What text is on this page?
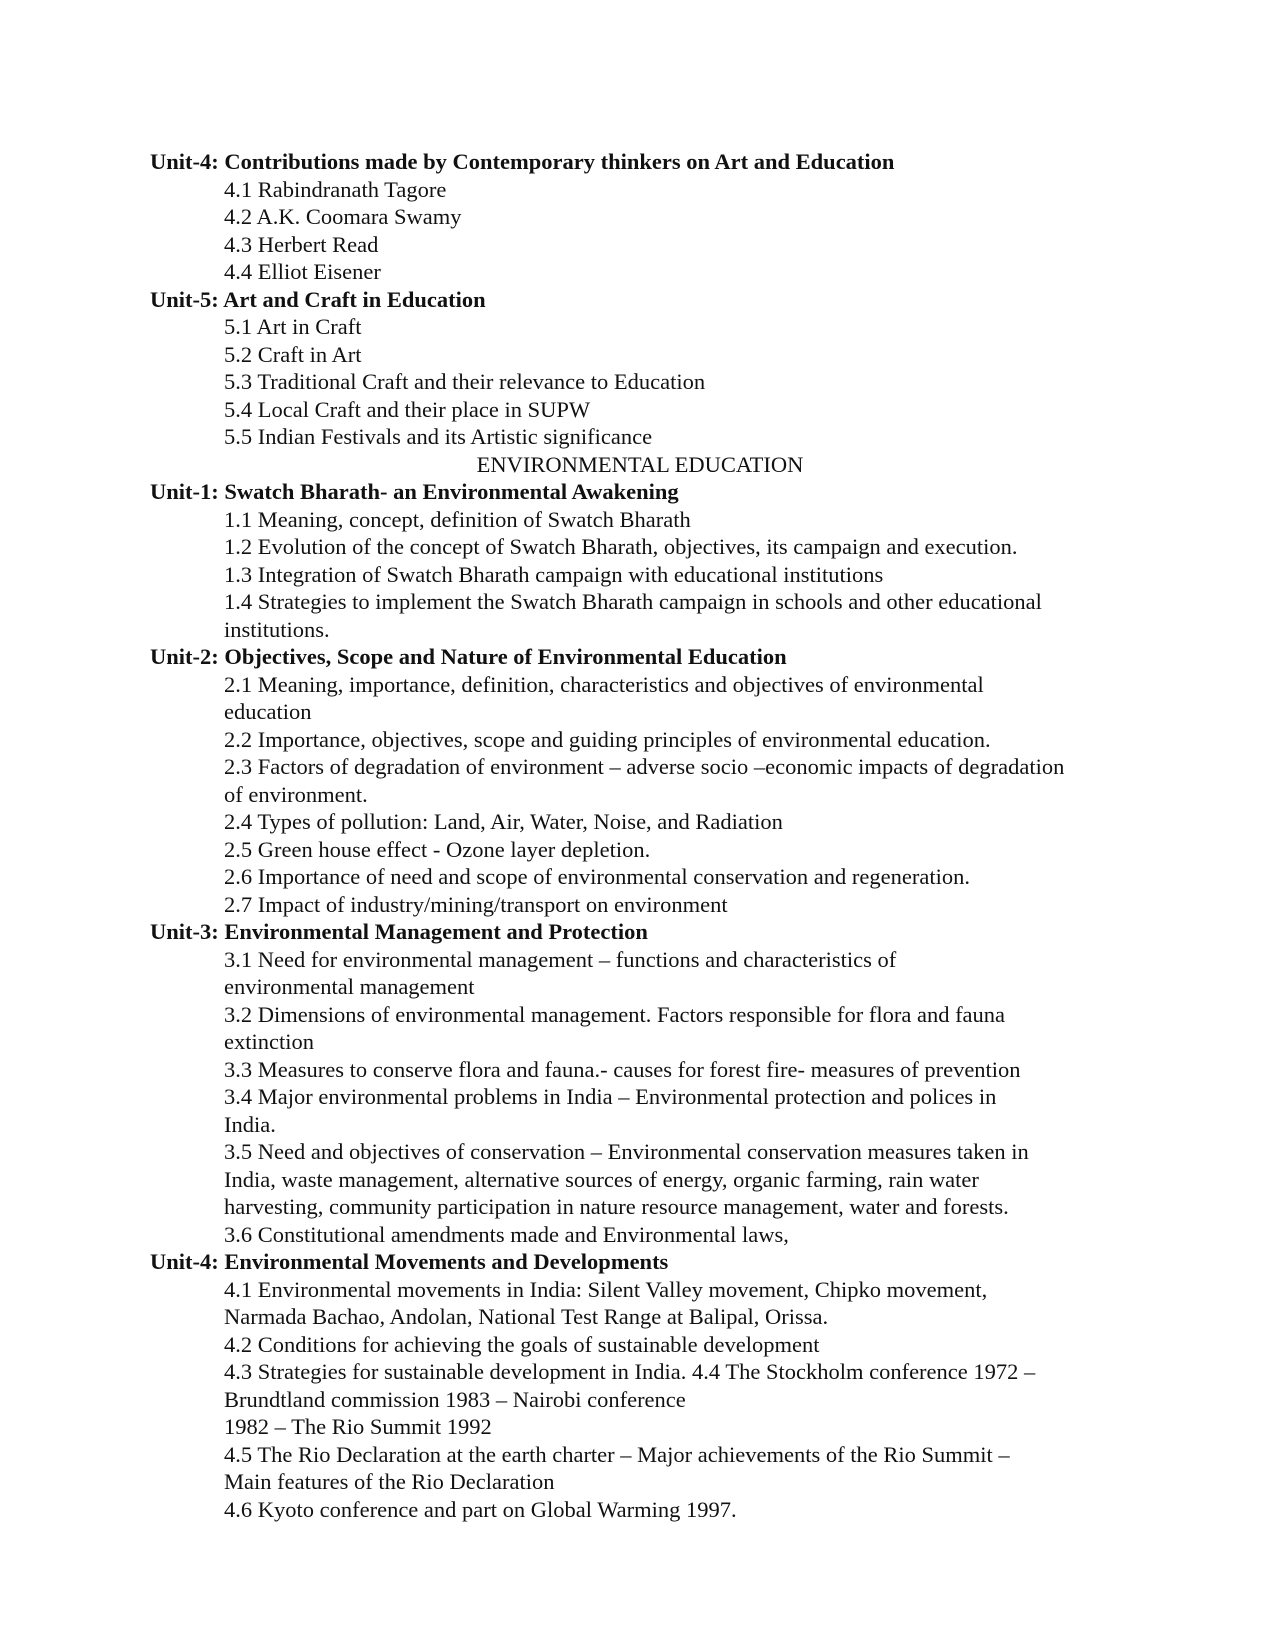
Unit-4: Contributions made by Contemporary thinkers on Art and Education
4.1 Rabindranath Tagore
4.2 A.K. Coomara Swamy
4.3 Herbert Read
4.4 Elliot Eisener
Unit-5: Art and Craft in Education
5.1 Art in Craft
5.2 Craft in Art
5.3 Traditional Craft and their relevance to Education
5.4 Local Craft and their place in SUPW
5.5 Indian Festivals and its Artistic significance
ENVIRONMENTAL EDUCATION
Unit-1: Swatch Bharath- an Environmental Awakening
1.1 Meaning, concept, definition of Swatch Bharath
1.2 Evolution of the concept of Swatch Bharath, objectives, its campaign and execution.
1.3 Integration of Swatch Bharath campaign with educational institutions
1.4 Strategies to implement the Swatch Bharath campaign in schools and other educational
institutions.
Unit-2: Objectives, Scope and Nature of Environmental Education
2.1 Meaning, importance, definition, characteristics and objectives of environmental
education
2.2 Importance, objectives, scope and guiding principles of environmental education.
2.3 Factors of degradation of environment – adverse socio –economic impacts of degradation
of environment.
2.4 Types of pollution: Land, Air, Water, Noise, and Radiation
2.5 Green house effect - Ozone layer depletion.
2.6 Importance of need and scope of environmental conservation and regeneration.
2.7 Impact of industry/mining/transport on environment
Unit-3: Environmental Management and Protection
3.1 Need for environmental management – functions and characteristics of
environmental management
3.2 Dimensions of environmental management. Factors responsible for flora and fauna
extinction
3.3 Measures to conserve flora and fauna.- causes for forest fire- measures of prevention
3.4 Major environmental problems in India – Environmental protection and polices in
India.
3.5 Need and objectives of conservation – Environmental conservation measures taken in
India, waste management, alternative sources of energy, organic farming, rain water
harvesting, community participation in nature resource management, water and forests.
3.6 Constitutional amendments made and Environmental laws,
Unit-4: Environmental Movements and Developments
4.1 Environmental movements in India: Silent Valley movement, Chipko movement,
Narmada Bachao, Andolan, National Test Range at Balipal, Orissa.
4.2 Conditions for achieving the goals of sustainable development
4.3 Strategies for sustainable development in India. 4.4 The Stockholm conference 1972 –
Brundtland commission 1983 – Nairobi conference
1982 – The Rio Summit 1992
4.5 The Rio Declaration at the earth charter – Major achievements of the Rio Summit –
Main features of the Rio Declaration
4.6 Kyoto conference and part on Global Warming 1997.
